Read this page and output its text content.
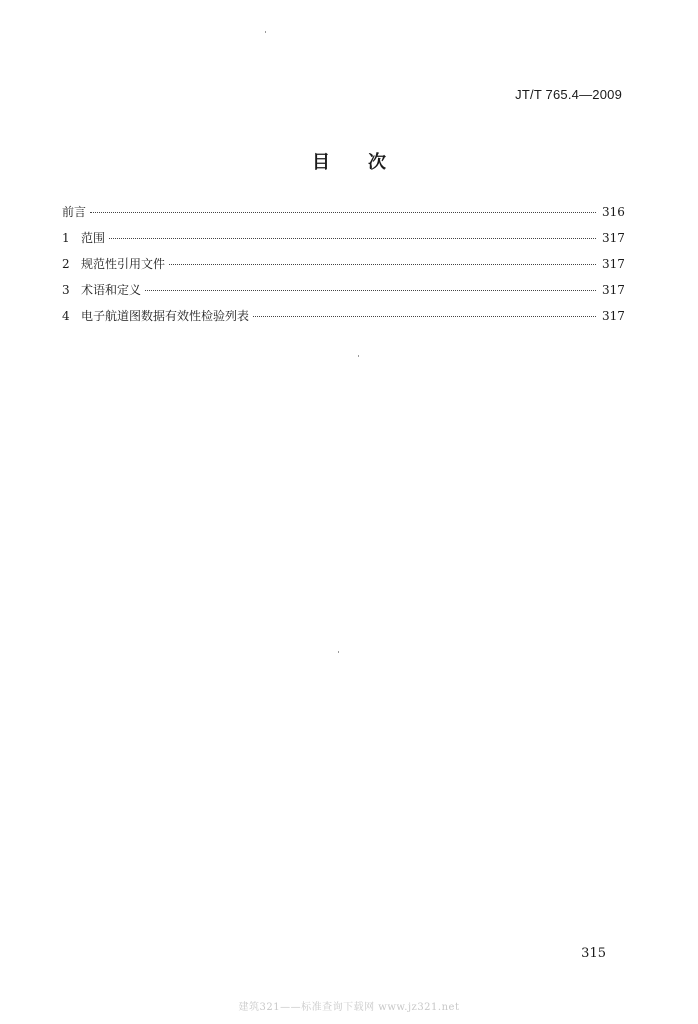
JT/T 765.4—2009
目次
前言	316
1 范围	317
2 规范性引用文件	317
3 术语和定义	317
4 电子航道图数据有效性检验列表	317
315
建筑321——标准查询下载网 www.jz321.net
